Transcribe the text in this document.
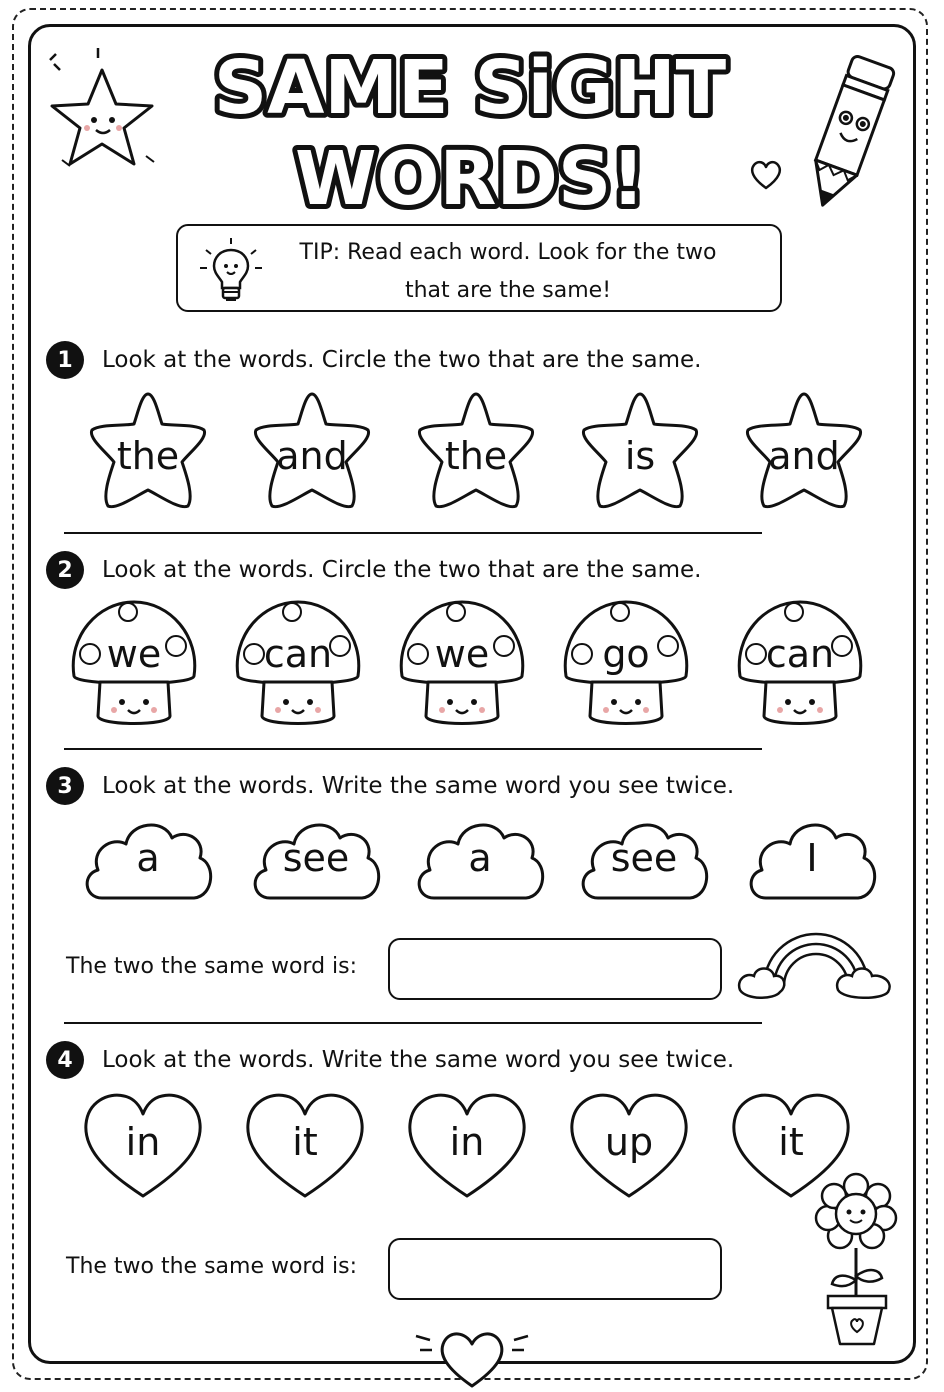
SAME SiGHT
WORDS!
TIP: Read each word. Look for the two
that are the same!
1	Look at the words. Circle the two that are the same.
the	and	the	is	and
2	Look at the words. Circle the two that are the same.
we	can	we	go	can
3	Look at the words. Write the same word you see twice.
a	see	a	see	I
The two the same word is:
4	Look at the words. Write the same word you see twice.
in	it	in	up	it
The two the same word is:
